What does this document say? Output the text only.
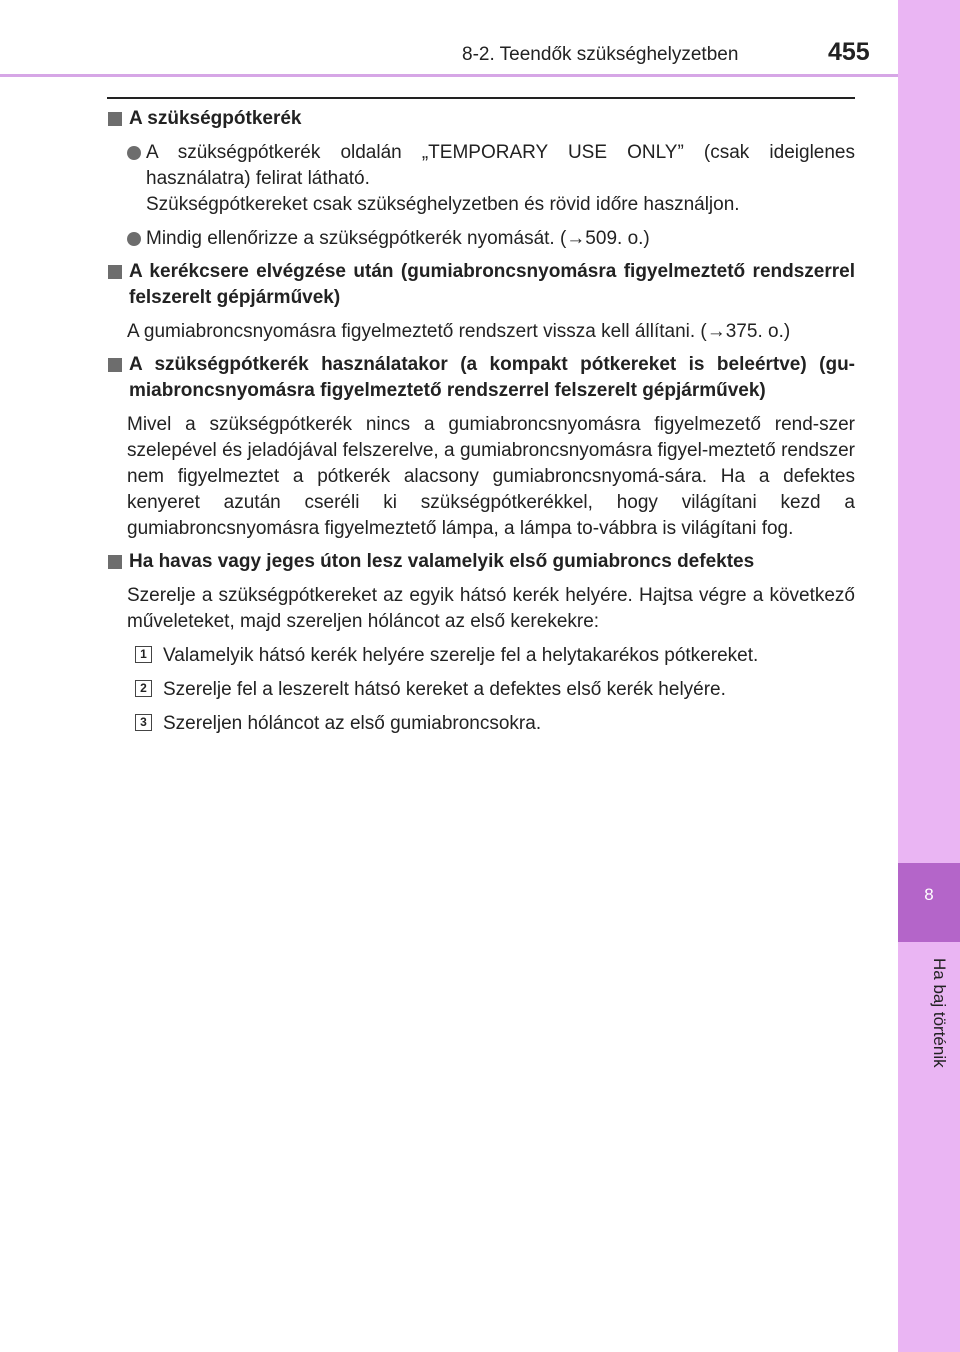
8-2. Teendők szükséghelyzetben	455
8
Ha baj történik
A szükségpótkerék
A szükségpótkerék oldalán „TEMPORARY USE ONLY” (csak ideiglenes használatra) felirat látható.
Szükségpótkereket csak szükséghelyzetben és rövid időre használjon.
Mindig ellenőrizze a szükségpótkerék nyomását. (→509. o.)
A kerékcsere elvégzése után (gumiabroncsnyomásra figyelmeztető rendszerrel felszerelt gépjárművek)
A gumiabroncsnyomásra figyelmeztető rendszert vissza kell állítani. (→375. o.)
A szükségpótkerék használatakor (a kompakt pótkereket is beleértve) (gu-miabroncsnyomásra figyelmeztető rendszerrel felszerelt gépjárművek)
Mivel a szükségpótkerék nincs a gumiabroncsnyomásra figyelmezető rend-szer szelepével és jeladójával felszerelve, a gumiabroncsnyomásra figyel-meztető rendszer nem figyelmeztet a pótkerék alacsony gumiabroncsnyomá-sára. Ha a defektes kenyeret azután cseréli ki szükségpótkerékkel, hogy világítani kezd a gumiabroncsnyomásra figyelmeztető lámpa, a lámpa to-vábbra is világítani fog.
Ha havas vagy jeges úton lesz valamelyik első gumiabroncs defektes
Szerelje a szükségpótkereket az egyik hátsó kerék helyére. Hajtsa végre a következő műveleteket, majd szereljen hóláncot az első kerekekre:
1 Valamelyik hátsó kerék helyére szerelje fel a helytakarékos pótkereket.
2 Szerelje fel a leszerelt hátsó kereket a defektes első kerék helyére.
3 Szereljen hóláncot az első gumiabroncsokra.
